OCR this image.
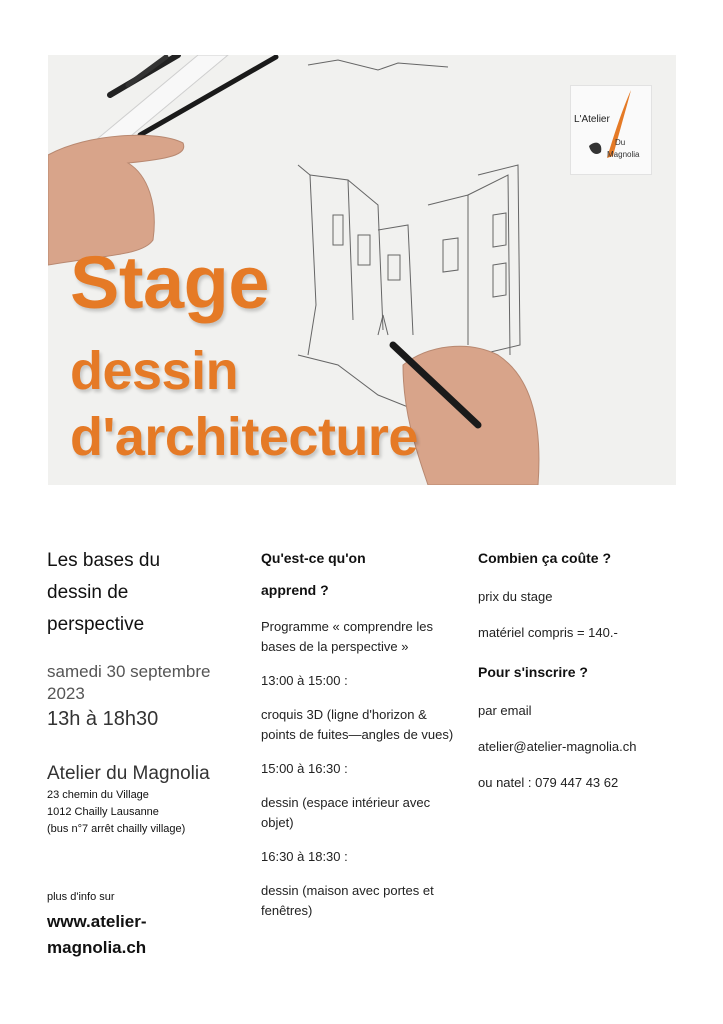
L'Atelier
Du
Magnolia
Stage
dessin
d'architecture
Les bases du
dessin de
perspective
samedi 30 septembre
2023
13h à 18h30
Atelier du Magnolia
23 chemin du Village
1012 Chailly Lausanne
(bus n°7 arrêt chailly village)
plus d'info sur
www.atelier-
magnolia.ch
Qu'est-ce qu'on
apprend ?
Programme « comprendre les bases de la perspective »
13:00 à 15:00 :
croquis 3D (ligne d'horizon & points de fuites—angles de vues)
15:00 à 16:30 :
dessin (espace intérieur avec objet)
16:30 à 18:30 :
dessin (maison avec portes et fenêtres)
Combien ça coûte ?
prix du stage
matériel compris = 140.-
Pour s'inscrire ?
par email
atelier@atelier-magnolia.ch
ou natel : 079 447 43 62
